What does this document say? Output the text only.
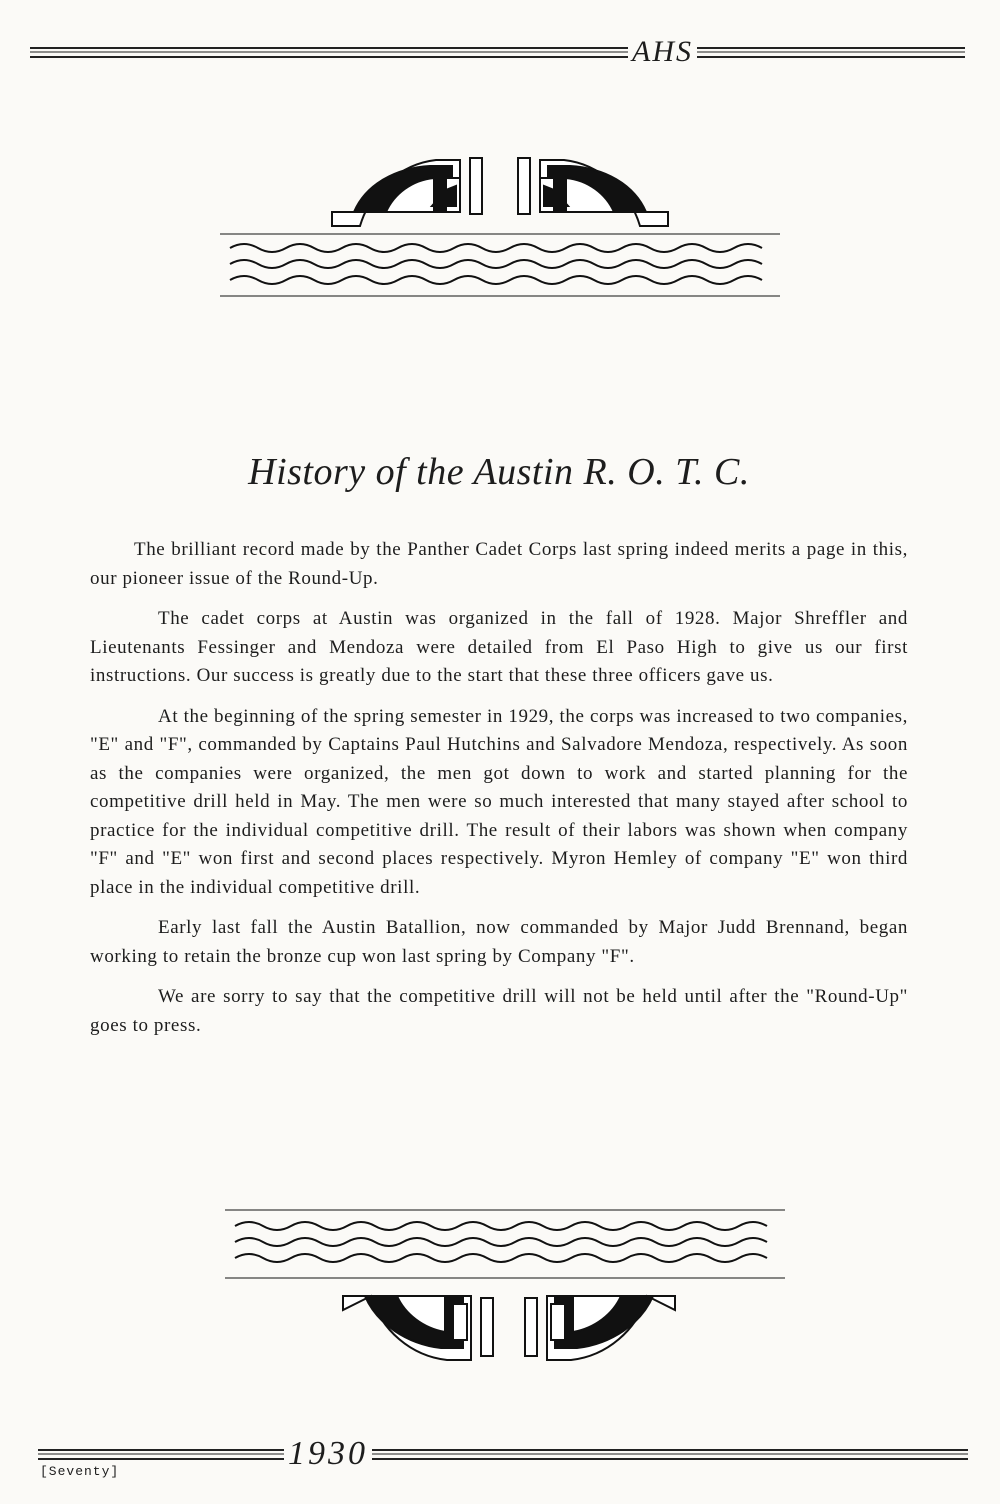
AHS
History of the Austin R. O. T. C.

The brilliant record made by the Panther Cadet Corps last spring indeed merits a page in this, our pioneer issue of the Round-Up.

The cadet corps at Austin was organized in the fall of 1928. Major Shreffler and Lieutenants Fessinger and Mendoza were detailed from El Paso High to give us our first instructions. Our success is greatly due to the start that these three officers gave us.

At the beginning of the spring semester in 1929, the corps was increased to two companies, "E" and "F", commanded by Captains Paul Hutchins and Salvadore Mendoza, respectively. As soon as the companies were organized, the men got down to work and started planning for the competitive drill held in May. The men were so much interested that many stayed after school to practice for the individual competitive drill. The result of their labors was shown when company "F" and "E" won first and second places respectively. Myron Hemley of company "E" won third place in the individual competitive drill.

Early last fall the Austin Batallion, now commanded by Major Judd Brennand, began working to retain the bronze cup won last spring by Company "F".

We are sorry to say that the competitive drill will not be held until after the "Round-Up" goes to press.

1930
[Seventy]
